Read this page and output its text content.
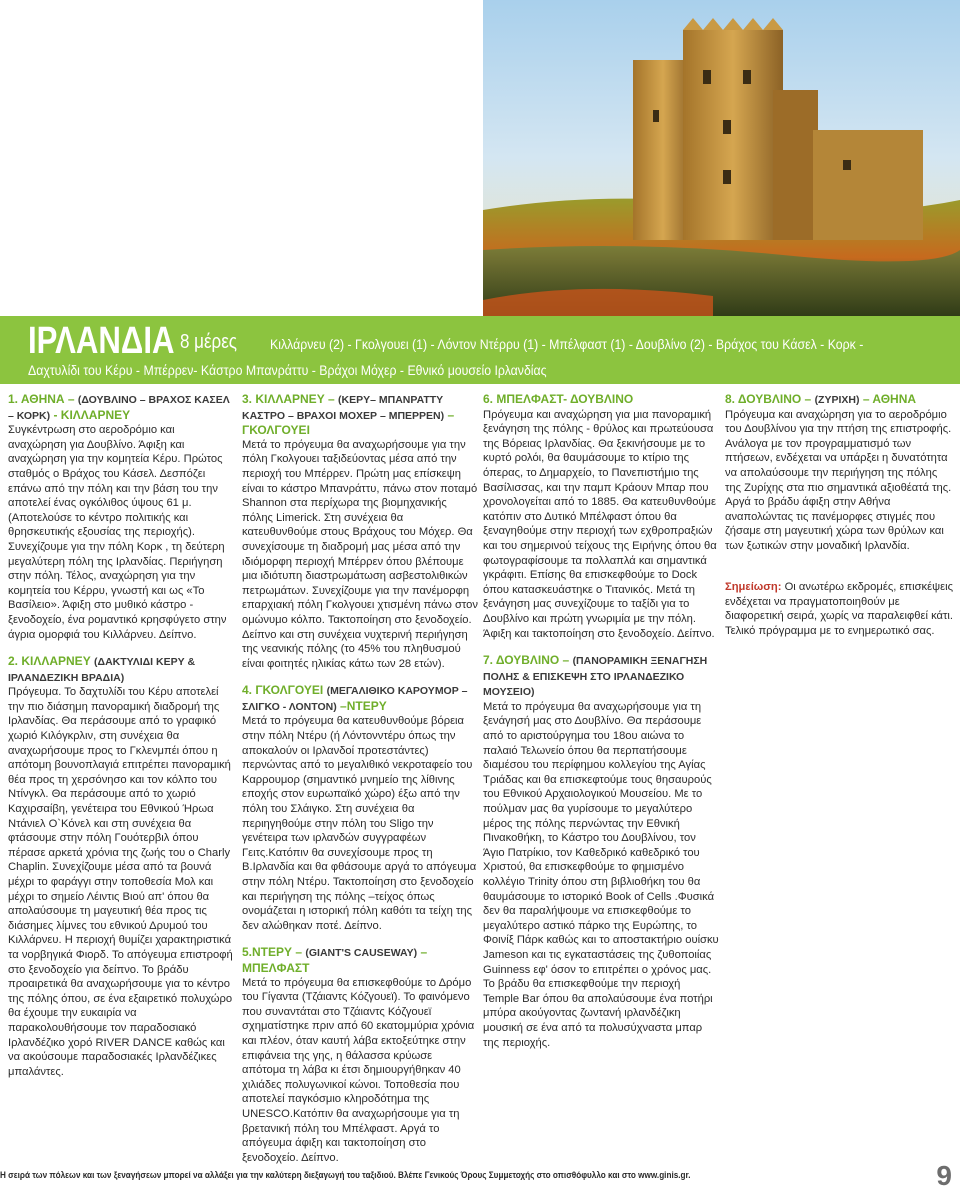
ΙΡΛΑΝΔΙΑ 8 μέρες Κιλλάρνευ (2) - Γκολγουει (1) - Λόντον Ντέρρυ (1) - Μπέλφαστ (1) - Δουβλίνο (2) - Βράχος του Κάσελ - Κορκ -
Δαχτυλίδι του Κέρυ - Μπέρρεν- Κάστρο Μπανράττυ - Βράχοι Μόχερ - Εθνικό μουσείο Ιρλανδίας
1. ΑΘΗΝΑ – (ΔΟΥΒΛΙΝΟ – ΒΡΑΧΟΣ ΚΑΣΕΛ – ΚΟΡΚ) - ΚΙΛΛΑΡΝΕΥ
Συγκέντρωση στο αεροδρόμιο και αναχώρηση για Δουβλίνο. Άφιξη και αναχώρηση για την κομητεία Κέρυ. Πρώτος σταθμός ο Βράχος του Κάσελ. Δεσπόζει επάνω από την πόλη και την βάση του την αποτελεί ένας ογκόλιθος ύψους 61 μ.(Αποτελούσε το κέντρο πολιτικής και θρησκευτικής εξουσίας της περιοχής). Συνεχίζουμε για την πόλη Κορκ , τη δεύτερη μεγαλύτερη πόλη της Ιρλανδίας. Περιήγηση στην πόλη. Τέλος, αναχώρηση για την κομητεία του Κέρρυ, γνωστή και ως «Το Βασίλειο». Άφιξη στο μυθικό κάστρο - ξενοδοχείο, ένα ρομαντικό κρησφύγετο στην άγρια ομορφιά του Κιλλάρνευ. Δείπνο.
2. ΚΙΛΛΑΡΝΕΥ (ΔΑΚΤΥΛΙΔΙ ΚΕΡΥ & ΙΡΛΑΝΔΕΖΙΚΗ ΒΡΑΔΙΑ)
Πρόγευμα. Το δαχτυλίδι του Κέρυ αποτελεί την πιο διάσημη πανοραμική διαδρομή της Ιρλανδίας. Θα περάσουμε από το γραφικό χωριό Κιλόγκρλιν, στη συνέχεια θα αναχωρήσουμε προς το Γκλενμπέι όπου η απότομη βουνοπλαγιά επιτρέπει πανοραμική θέα προς τη χερσόνησο και τον κόλπο του Ντίνγκλ. Θα περάσουμε από το χωριό Καχιρσαίβη, γενέτειρα του Εθνικού Ήρωα Ντάνιελ Ο`Κόνελ και στη συνέχεια θα φτάσουμε στην πόλη Γουότερβιλ όπου πέρασε αρκετά χρόνια της ζωής του ο Charly Chaplin. Συνεχίζουμε μέσα από τα βουνά μέχρι το φαράγγι στην τοποθεσία Μολ και μέχρι το σημείο Λέιντις Βιού απ' όπου θα απολαύσουμε τη μαγευτική θέα προς τις διάσημες λίμνες του εθνικού Δρυμού του Κιλλάρνευ. Η περιοχή θυμίζει χαρακτηριστικά τα νορβηγικά Φιορδ. Το απόγευμα επιστροφή στο ξενοδοχείο για δείπνο. Το βράδυ προαιρετικά θα αναχωρήσουμε για το κέντρο της πόλης όπου, σε ένα εξαιρετικό πολυχώρο θα έχουμε την ευκαιρία να παρακολουθήσουμε τον παραδοσιακό Ιρλανδέζικο χορό RIVER DANCE καθώς και να ακούσουμε παραδοσιακές Ιρλανδέζικες μπαλάντες.
3. ΚΙΛΛΑΡΝΕΥ – (ΚΕΡΥ– ΜΠΑΝΡΑΤΤΥ ΚΑΣΤΡΟ – ΒΡΑΧΟΙ ΜΟΧΕΡ – ΜΠΕΡΡΕΝ) – ΓΚΟΛΓΟΥΕΙ
Μετά το πρόγευμα θα αναχωρήσουμε για την πόλη Γκολγουει ταξιδεύοντας μέσα από την περιοχή του Μπέρρεν. Πρώτη μας επίσκεψη είναι το κάστρο Μπανράττυ, πάνω στον ποταμό Shannon στα περίχωρα της βιομηχανικής πόλης Limerick. Στη συνέχεια θα κατευθυνθούμε στους Βράχους του Μόχερ. Θα συνεχίσουμε τη διαδρομή μας μέσα από την ιδιόμορφη περιοχή Μπέρρεν όπου βλέπουμε μια ιδιότυπη διαστρωμάτωση ασβεστολιθικών πετρωμάτων. Συνεχίζουμε για την πανέμορφη επαρχιακή πόλη Γκολγουει χτισμένη πάνω στον ομώνυμο κόλπο. Τακτοποίηση στο ξενοδοχείο. Δείπνο και στη συνέχεια νυχτερινή περιήγηση της νεανικής πόλης (το 45% του πληθυσμού είναι φοιτητές ηλικίας κάτω των 28 ετών).
4. ΓΚΟΛΓΟΥΕΙ (ΜΕΓΑΛΙΘΙΚΟ ΚΑΡΟΥΜΟΡ – ΣΛΙΓΚΟ - ΛΟΝΤΟΝ) –ΝΤΕΡΥ
Μετά το πρόγευμα θα κατευθυνθούμε βόρεια στην πόλη Ντέρυ (ή Λόντονντέρυ όπως την αποκαλούν οι Ιρλανδοί προτεστάντες) περνώντας από το μεγαλιθικό νεκροταφείο του Καρρουμορ (σημαντικό μνημείο της λίθινης εποχής στον ευρωπαϊκό χώρο) έξω από την πόλη του Σλάιγκο. Στη συνέχεια θα περιηγηθούμε στην πόλη του Sligo την γενέτειρα των ιρλανδών συγγραφέων Γειτς.Κατόπιν θα συνεχίσουμε προς τη Β.Ιρλανδία και θα φθάσουμε αργά το απόγευμα στην πόλη Ντέρυ. Τακτοποίηση στο ξενοδοχείο και περιήγηση της πόλης –τείχος όπως ονομάζεται η ιστορική πόλη καθότι τα τείχη της δεν αλώθηκαν ποτέ. Δείπνο.
5.ΝΤΕΡΥ – (GIANT'S CAUSEWAY) – ΜΠΕΛΦΑΣΤ
Μετά το πρόγευμα θα επισκεφθούμε το Δρόμο του Γίγαντα (Τζάιαντς Κόζγουεϊ). Το φαινόμενο που συναντάται στο Τζάιαντς Κόζγουεϊ σχηματίστηκε πριν από 60 εκατομμύρια χρόνια και πλέον, όταν καυτή λάβα εκτοξεύτηκε στην επιφάνεια της γης, η θάλασσα κρύωσε απότομα τη λάβα κι έτσι δημιουργήθηκαν 40 χιλιάδες πολυγωνικοί κώνοι. Τοποθεσία που αποτελεί παγκόσμιο κληροδότημα της UNESCO.Κατόπιν θα αναχωρήσουμε για τη βρετανική πόλη του Μπέλφαστ. Αργά το απόγευμα άφιξη και τακτοποίηση στο ξενοδοχείο. Δείπνο.
6. ΜΠΕΛΦΑΣΤ- ΔΟΥΒΛΙΝΟ
Πρόγευμα και αναχώρηση για μια πανοραμική ξενάγηση της πόλης - θρύλος και πρωτεύουσα της Βόρειας Ιρλανδίας. Θα ξεκινήσουμε με το κυρτό ρολόι, θα θαυμάσουμε το κτίριο της όπερας, το Δημαρχείο, το Πανεπιστήμιο της Βασίλισσας, και την παμπ Κράουν Μπαρ που χρονολογείται από το 1885. Θα κατευθυνθούμε κατόπιν στο Δυτικό Μπέλφαστ όπου θα ξεναγηθούμε στην περιοχή των εχθροπραξιών και του σημερινού τείχους της Ειρήνης όπου θα φωτογραφίσουμε τα πολλαπλά και σημαντικά γκράφιτι. Επίσης θα επισκεφθούμε το Dock όπου κατασκευάστηκε ο Τιτανικός. Μετά τη ξενάγηση μας συνεχίζουμε το ταξίδι για το Δουβλίνο και πρώτη γνωριμία με την πόλη. Άφιξη και τακτοποίηση στο ξενοδοχείο. Δείπνο.
7. ΔΟΥΒΛΙΝΟ – (ΠΑΝΟΡΑΜΙΚΗ ΞΕΝΑΓΗΣΗ ΠΟΛΗΣ & ΕΠΙΣΚΕΨΗ ΣΤΟ ΙΡΛΑΝΔΕΖΙΚΟ ΜΟΥΣΕΙΟ)
Μετά το πρόγευμα θα αναχωρήσουμε για τη ξενάγησή μας στο Δουβλίνο. Θα περάσουμε από το αριστούργημα του 18ου αιώνα το παλαιό Τελωνείο όπου θα περπατήσουμε διαμέσου του περίφημου κολλεγίου της Αγίας Τριάδας και θα επισκεφτούμε τους θησαυρούς του Εθνικού Αρχαιολογικού Μουσείου. Με το πούλμαν μας θα γυρίσουμε το μεγαλύτερο μέρος της πόλης περνώντας την Εθνική Πινακοθήκη, το Κάστρο του Δουβλίνου, τον Άγιο Πατρίκιο, τον Καθεδρικό καθεδρικό του Χριστού, θα επισκεφθούμε το φημισμένο κολλέγιο Trinity όπου στη βιβλιοθήκη του θα θαυμάσουμε το ιστορικό Book of Cells .Φυσικά δεν θα παραλήψουμε να επισκεφθούμε το μεγαλύτερο αστικό πάρκο της Ευρώπης, το Φοινίξ Πάρκ καθώς και το αποστακτήριο ουίσκυ Jameson και τις εγκαταστάσεις της ζυθοποιίας Guinness εφ' όσον το επιτρέπει ο χρόνος μας. Το βράδυ θα επισκεφθούμε την περιοχή Temple Bar όπου θα απολαύσουμε ένα ποτήρι μπύρα ακούγοντας ζωντανή ιρλανδέζικη μουσική σε ένα από τα πολυσύχναστα μπαρ της περιοχής.
8. ΔΟΥΒΛΙΝΟ – (ΖΥΡΙΧΗ) – ΑΘΗΝΑ
Πρόγευμα και αναχώρηση για το αεροδρόμιο του Δουβλίνου για την πτήση της επιστροφής. Ανάλογα με τον προγραμματισμό των πτήσεων, ενδέχεται να υπάρξει η δυνατότητα να απολαύσουμε την περιήγηση της πόλης της Ζυρίχης στα πιο σημαντικά αξιοθέατά της. Αργά το βράδυ άφιξη στην Αθήνα αναπολώντας τις πανέμορφες στιγμές που ζήσαμε στη μαγευτική χώρα των θρύλων και των ξωτικών στην μοναδική Ιρλανδία.

Σημείωση: Οι ανωτέρω εκδρομές, επισκέψεις ενδέχεται να πραγματοποιηθούν με διαφορετική σειρά, χωρίς να παραλειφθεί κάτι. Τελικό πρόγραμμα με το ενημερωτικό σας.

Η σειρά των πόλεων και των ξεναγήσεων μπορεί να αλλάξει για την καλύτερη διεξαγωγή του ταξιδιού. Βλέπε Γενικούς Όρους Συμμετοχής στο οπισθόφυλλο και στο www.ginis.gr.	9
